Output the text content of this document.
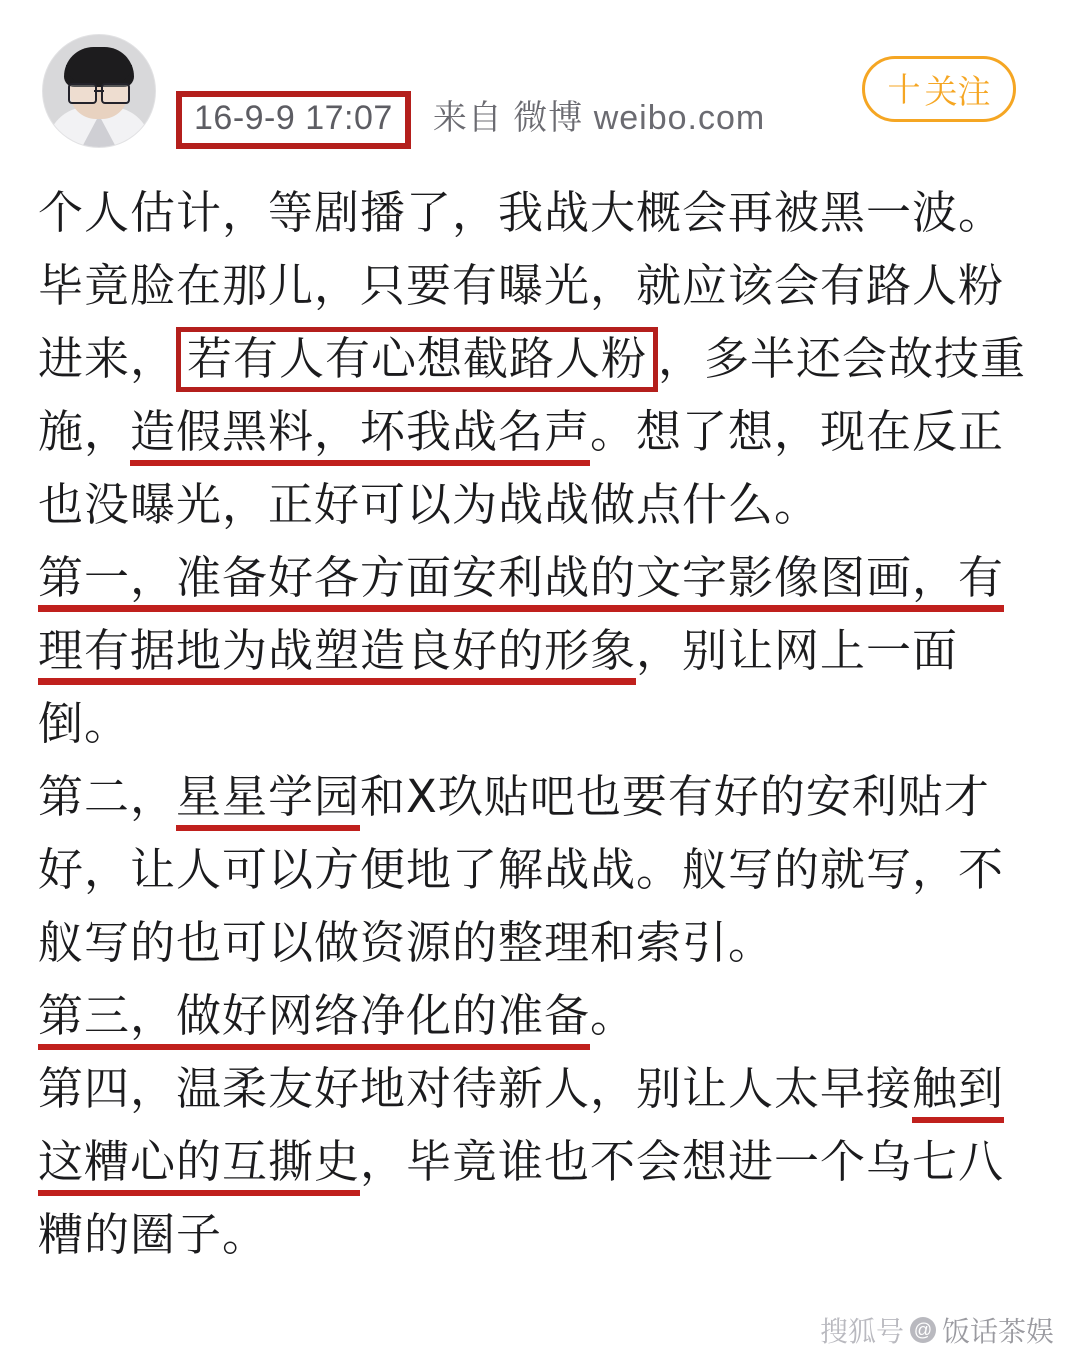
16-9-9 17:07	来自 微博 weibo.com
十 关注

个人估计，等剧播了，我战大概会再被黑一波。毕竟脸在那儿，只要有曝光，就应该会有路人粉进来， 若有人有心想截路人粉 ，多半还会故技重施，造假黑料，坏我战名声。想了想，现在反正也没曝光，正好可以为战战做点什么。

第一，准备好各方面安利战的文字影像图画，有理有据地为战塑造良好的形象，别让网上一面倒。

第二，星星学园和X玖贴吧也要有好的安利贴才好，让人可以方便地了解战战。舣写的就写，不舣写的也可以做资源的整理和索引。

第三，做好网络净化的准备。

第四，温柔友好地对待新人，别让人太早接触到这糟心的互撕史，毕竟谁也不会想进一个乌七八糟的圈子。

搜狐号 @ 饭话茶娱
